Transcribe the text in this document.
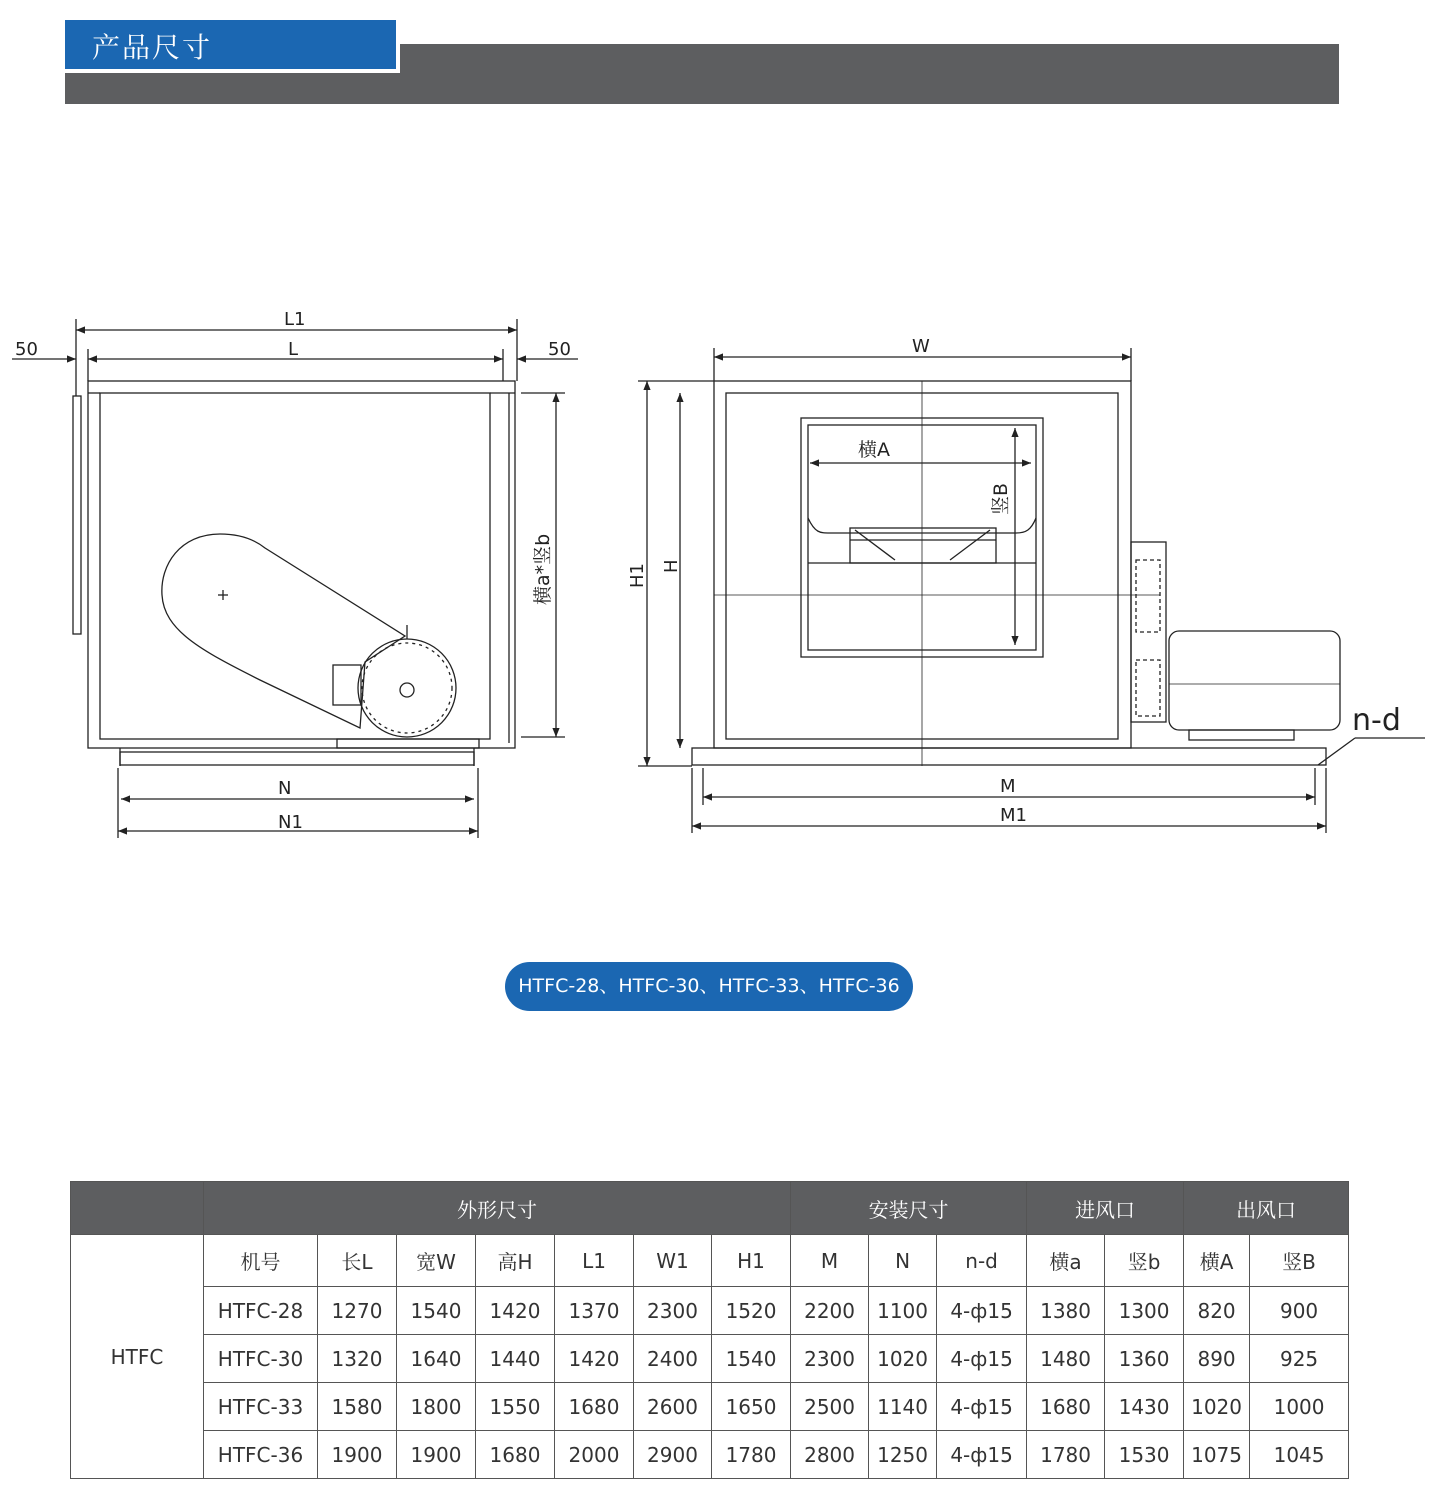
产品尺寸
L1
L
50	50
横a*竖b
N
N1
W
H1 H
横A
竖B
M
M1
n-d
HTFC-28、HTFC-30、HTFC-33、HTFC-36
	外形尺寸							安装尺寸			进风口		出风口	
HTFC	机号	长L	宽W	高H	L1	W1	H1	M	N	n-d	横a	竖b	横A	竖B
	HTFC-28	1270	1540	1420	1370	2300	1520	2200	1100	4-ф15	1380	1300	820	900
	HTFC-30	1320	1640	1440	1420	2400	1540	2300	1020	4-ф15	1480	1360	890	925
	HTFC-33	1580	1800	1550	1680	2600	1650	2500	1140	4-ф15	1680	1430	1020	1000
	HTFC-36	1900	1900	1680	2000	2900	1780	2800	1250	4-ф15	1780	1530	1075	1045
